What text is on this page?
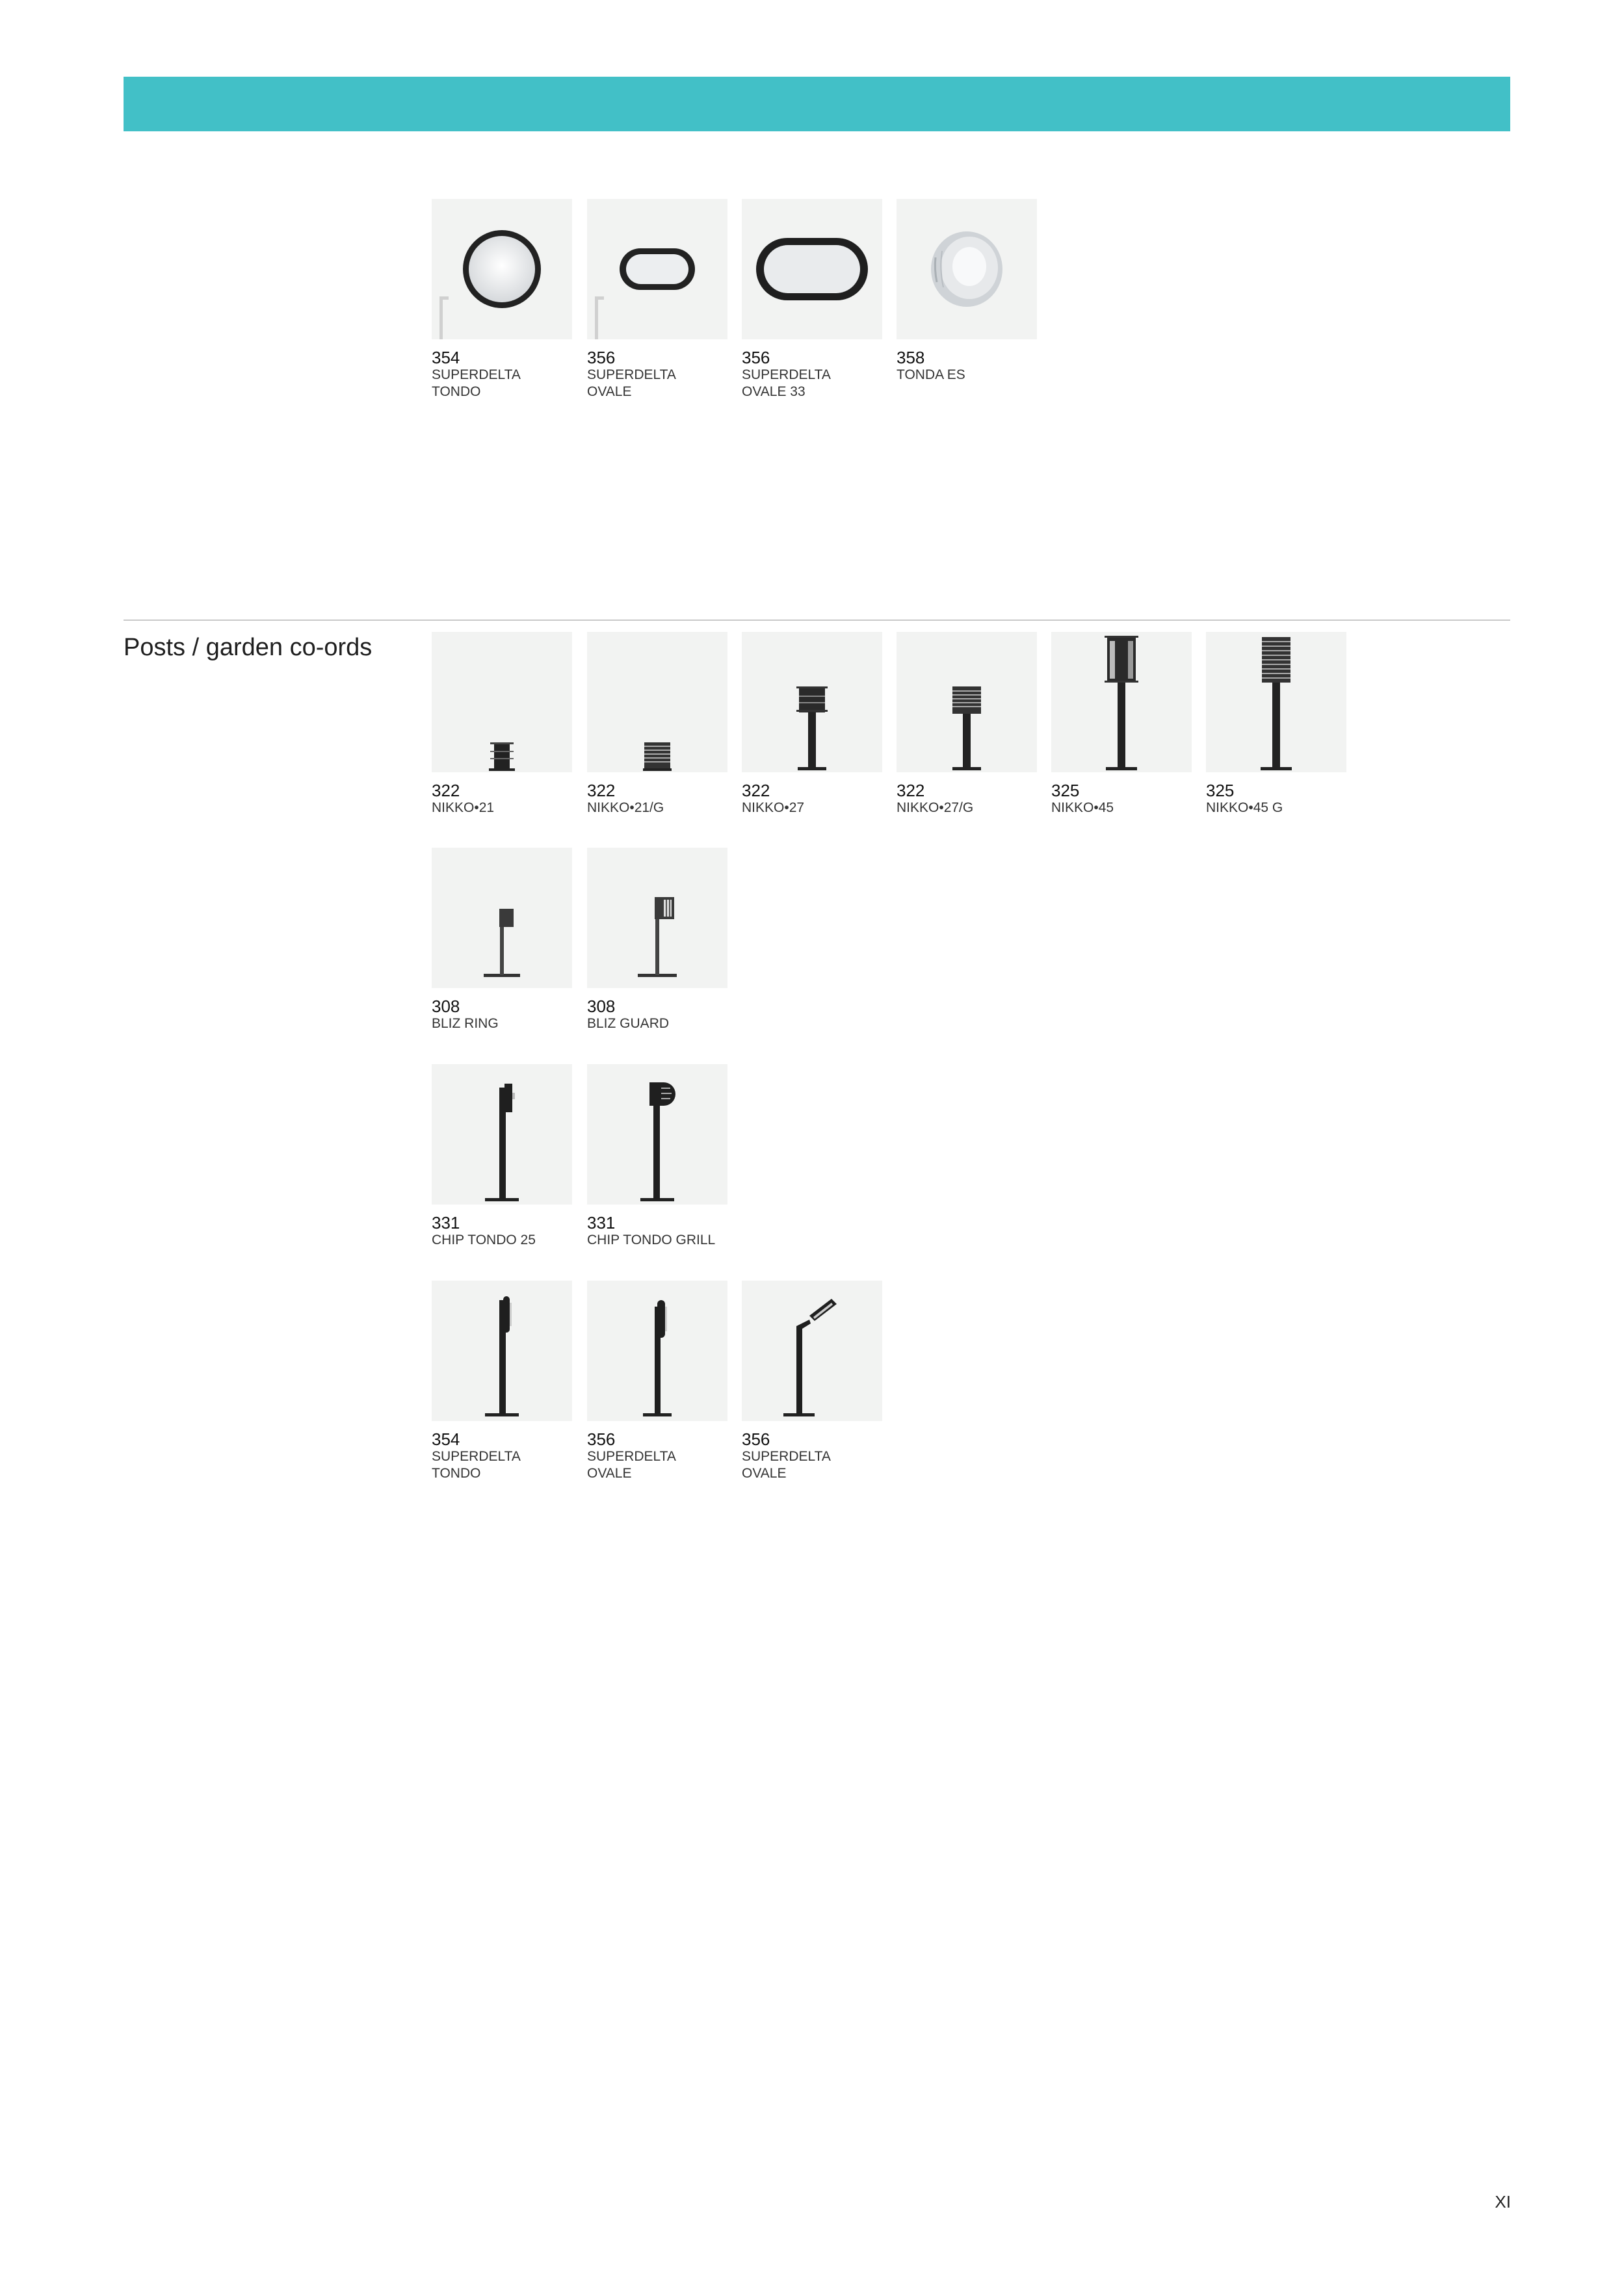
354
SUPERDELTA
TONDO
356
SUPERDELTA
OVALE
356
SUPERDELTA
OVALE 33
358
TONDA ES
Posts / garden co-ords
322
NIKKO•21
322
NIKKO•21/G
322
NIKKO•27
322
NIKKO•27/G
325
NIKKO•45
325
NIKKO•45 G
308
BLIZ RING
308
BLIZ GUARD
331
CHIP TONDO 25
331
CHIP TONDO GRILL
354
SUPERDELTA
TONDO
356
SUPERDELTA
OVALE
356
SUPERDELTA
OVALE
XI
